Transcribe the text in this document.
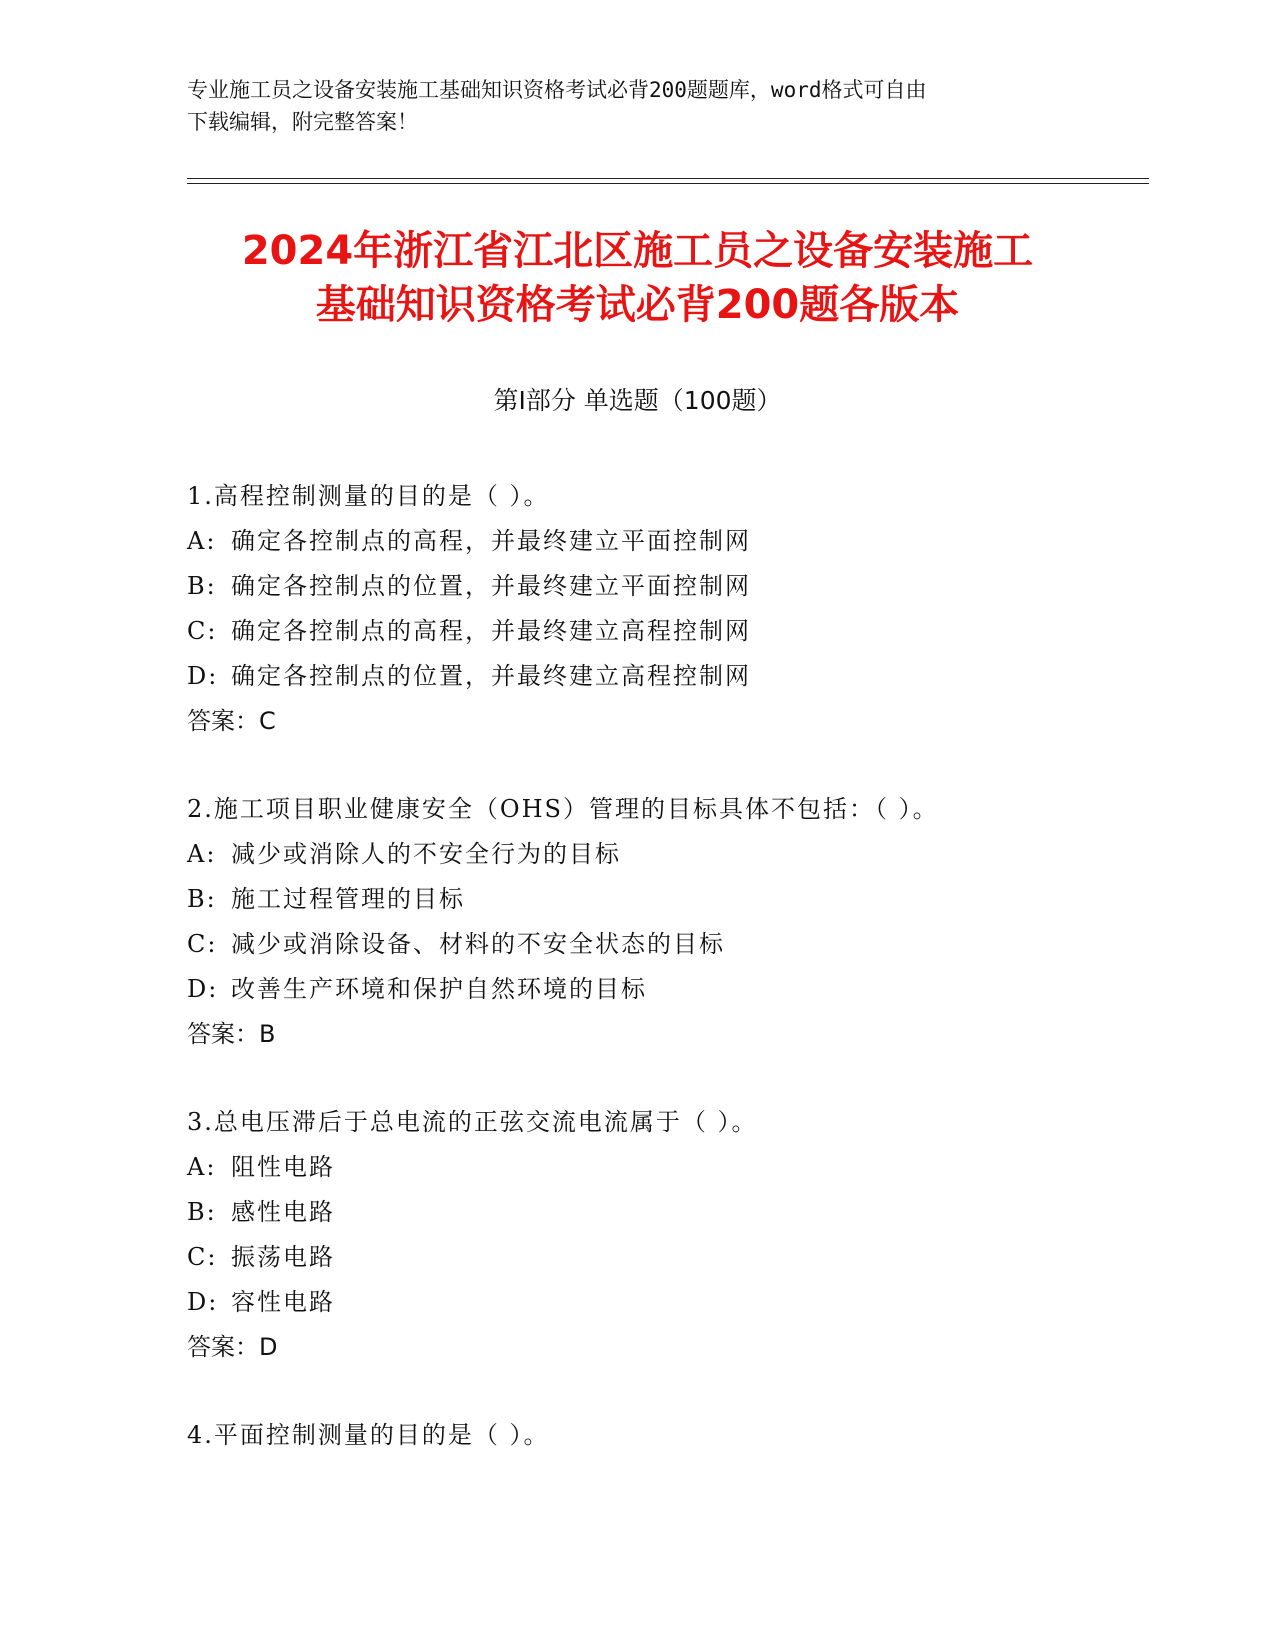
专业施工员之设备安装施工基础知识资格考试必背200题题库，word格式可自由
下载编辑，附完整答案！
2024年浙江省江北区施工员之设备安装施工
基础知识资格考试必背200题各版本
第Ⅰ部分 单选题（100题）
1.高程控制测量的目的是（ ）。
A: 确定各控制点的高程，并最终建立平面控制网
B: 确定各控制点的位置，并最终建立平面控制网
C: 确定各控制点的高程，并最终建立高程控制网
D: 确定各控制点的位置，并最终建立高程控制网
答案：C
2.施工项目职业健康安全（OHS）管理的目标具体不包括：（ ）。
A: 减少或消除人的不安全行为的目标
B: 施工过程管理的目标
C: 减少或消除设备、材料的不安全状态的目标
D: 改善生产环境和保护自然环境的目标
答案：B
3.总电压滞后于总电流的正弦交流电流属于（ ）。
A: 阻性电路
B: 感性电路
C: 振荡电路
D: 容性电路
答案：D
4.平面控制测量的目的是（ ）。
